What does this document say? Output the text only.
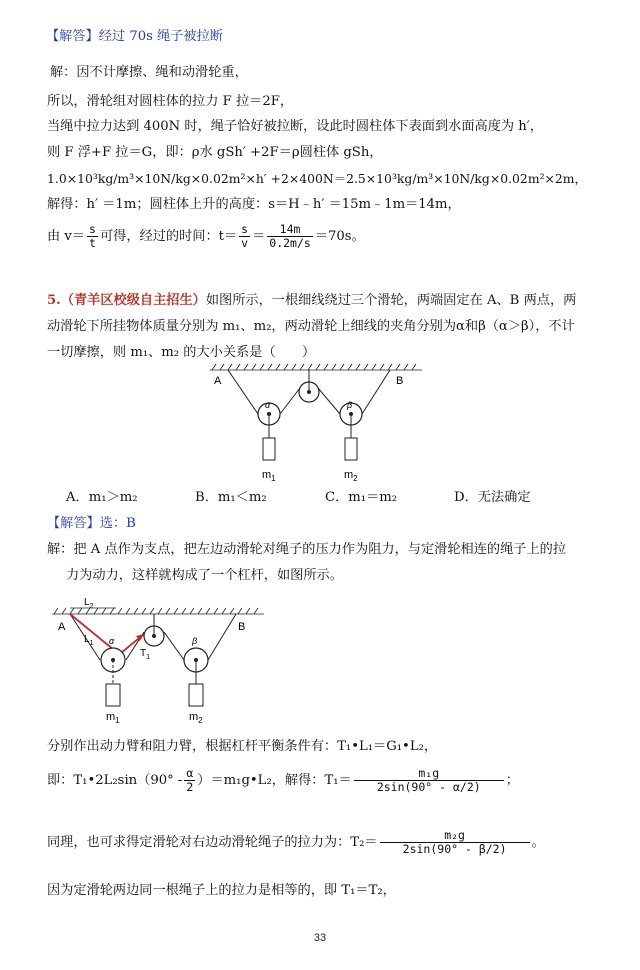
【解答】经过 70s 绳子被拉断
解：因不计摩擦、绳和动滑轮重，
所以，滑轮组对圆柱体的拉力 F 拉＝2F，
当绳中拉力达到 400N 时，绳子恰好被拉断，设此时圆柱体下表面到水面高度为 h′，
则 F 浮+F 拉＝G，即：ρ水 gSh′ +2F＝ρ圆柱体 gSh，
1.0×10³kg/m³×10N/kg×0.02m²×h′ +2×400N＝2.5×10³kg/m³×10N/kg×0.02m²×2m，
解得：h′ ＝1m；圆柱体上升的高度：s＝H﹣h′ ＝15m﹣1m＝14m，
由 $v= \frac{s}{t}$ 可得，经过的时间：$t= \frac{s}{v} = \frac{14m}{0.2m/s} =70s$。
5.（青羊区校级自主招生）如图所示，一根细线绕过三个滑轮，两端固定在 A、B 两点，两
动滑轮下所挂物体质量分别为 m₁、m₂，两动滑轮上细线的夹角分别为α和β（α＞β），不计
一切摩擦，则 m₁、m₂ 的大小关系是（　　）
A	B
α	β
$m_1$	$m_2$
A．m₁＞m₂	B．m₁＜m₂	C．m₁＝m₂	D．无法确定
【解答】选：B
解：把 A 点作为支点，把左边动滑轮对绳子的压力作为阻力，与定滑轮相连的绳子上的拉
力为动力，这样就构成了一个杠杆，如图所示。
$L_2$
A	B
$L_1$
$T_1$
α	β
$m_1$	$m_2$
分别作出动力臂和阻力臂，根据杠杆平衡条件有：T₁•L₁＝G₁•L₂，
即：T₁•2L₂sin（90° - $\frac{\alpha}{2}$ ）＝m₁g•L₂，解得：$T_1= \frac{\text{m₁g}}{2\sin(90^\circ - \alpha/2)}$ ；
同理，也可求得定滑轮对右边动滑轮绳子的拉力为：$T_2= \frac{\text{m₂g}}{2\sin(90^\circ - \beta/2)}$ 。
因为定滑轮两边同一根绳子上的拉力是相等的，即 T₁＝T₂，
33
